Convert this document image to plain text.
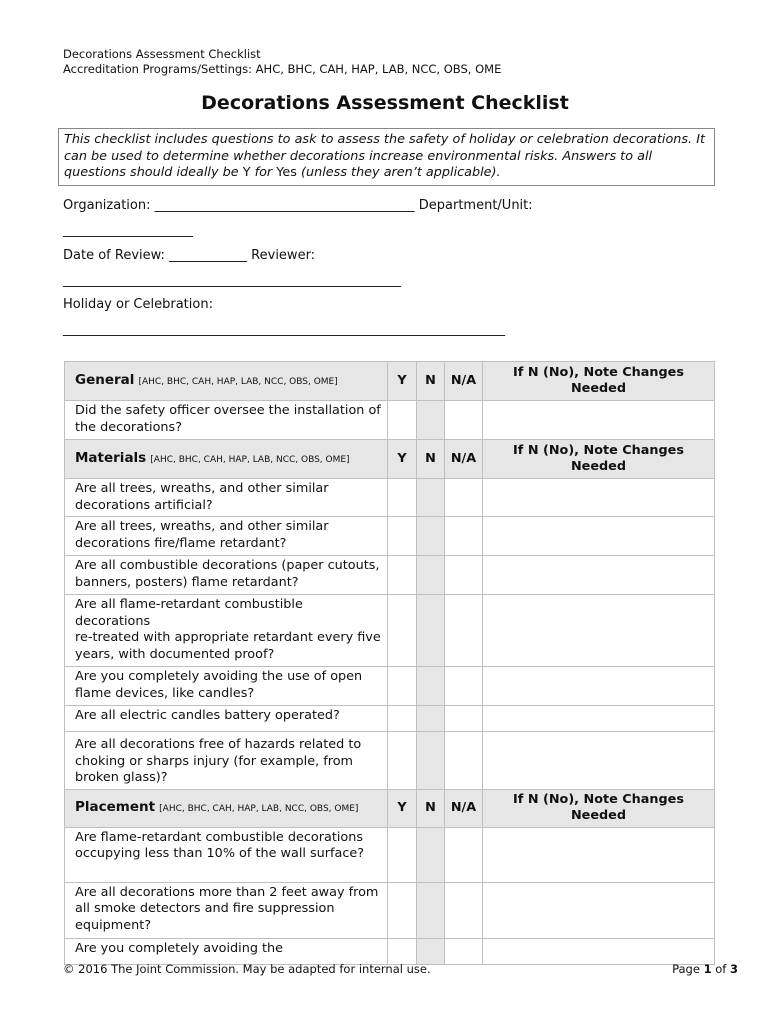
Decorations Assessment Checklist
Accreditation Programs/Settings: AHC, BHC, CAH, HAP, LAB, NCC, OBS, OME
Decorations Assessment Checklist
This checklist includes questions to ask to assess the safety of holiday or celebration decorations. It can be used to determine whether decorations increase environmental risks. Answers to all questions should ideally be Y for Yes (unless they aren’t applicable).
Organization: ________________________________________ Department/Unit:
____________________
Date of Review: ____________ Reviewer:
____________________________________________________
Holiday or Celebration:
____________________________________________________________________
General [AHC, BHC, CAH, HAP, LAB, NCC, OBS, OME]	Y	N	N/A	If N (No), Note Changes Needed
Did the safety officer oversee the installation of the decorations?				
Materials [AHC, BHC, CAH, HAP, LAB, NCC, OBS, OME]	Y	N	N/A	If N (No), Note Changes Needed
Are all trees, wreaths, and other similar decorations artificial?				
Are all trees, wreaths, and other similar decorations fire/flame retardant?				
Are all combustible decorations (paper cutouts, banners, posters) flame retardant?				

Are all flame-retardant combustible decorations
re-treated with appropriate retardant every five years, with documented proof?				

Are you completely avoiding the use of open flame devices, like candles?				
Are all electric candles battery operated?				
Are all decorations free of hazards related to choking or sharps injury (for example, from broken glass)?				
Placement [AHC, BHC, CAH, HAP, LAB, NCC, OBS, OME]	Y	N	N/A	If N (No), Note Changes Needed
Are flame-retardant combustible decorations occupying less than 10% of the wall surface?				
Are all decorations more than 2 feet away from all smoke detectors and fire suppression equipment?				
Are you completely avoiding the				
© 2016 The Joint Commission. May be adapted for internal use.	Page 1 of 3
